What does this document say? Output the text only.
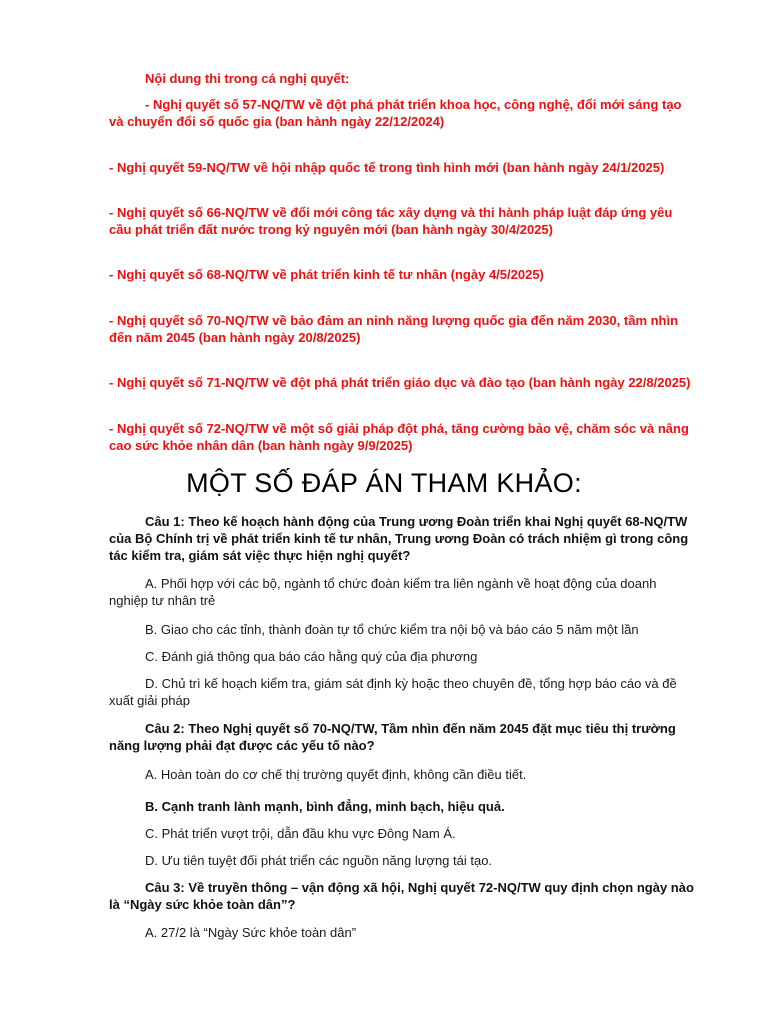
Nội dung thi trong cá nghị quyết:

- Nghị quyết số 57-NQ/TW về đột phá phát triển khoa học, công nghệ, đổi mới sáng tạo và chuyển đổi số quốc gia (ban hành ngày 22/12/2024)

- Nghị quyết 59-NQ/TW về hội nhập quốc tế trong tình hình mới (ban hành ngày 24/1/2025)

- Nghị quyết số 66-NQ/TW về đổi mới công tác xây dựng và thi hành pháp luật đáp ứng yêu cầu phát triển đất nước trong kỷ nguyên mới (ban hành ngày 30/4/2025)

- Nghị quyết số 68-NQ/TW về phát triển kinh tế tư nhân (ngày 4/5/2025)

- Nghị quyết số 70-NQ/TW về bảo đảm an ninh năng lượng quốc gia đến năm 2030, tầm nhìn đến năm 2045 (ban hành ngày 20/8/2025)

- Nghị quyết số 71-NQ/TW về đột phá phát triển giáo dục và đào tạo (ban hành ngày 22/8/2025)

- Nghị quyết số 72-NQ/TW về một số giải pháp đột phá, tăng cường bảo vệ, chăm sóc và nâng cao sức khỏe nhân dân (ban hành ngày 9/9/2025)

MỘT SỐ ĐÁP ÁN THAM KHẢO:

Câu 1: Theo kế hoạch hành động của Trung ương Đoàn triển khai Nghị quyết 68-NQ/TW của Bộ Chính trị về phát triển kinh tế tư nhân, Trung ương Đoàn có trách nhiệm gì trong công tác kiểm tra, giám sát việc thực hiện nghị quyết?

A. Phối hợp với các bộ, ngành tổ chức đoàn kiểm tra liên ngành về hoạt động của doanh nghiệp tư nhân trẻ

B. Giao cho các tỉnh, thành đoàn tự tổ chức kiểm tra nội bộ và báo cáo 5 năm một lần

C. Đánh giá thông qua báo cáo hằng quý của địa phương

D. Chủ trì kế hoạch kiểm tra, giám sát định kỳ hoặc theo chuyên đề, tổng hợp báo cáo và đề xuất giải pháp

Câu 2: Theo Nghị quyết số 70-NQ/TW, Tầm nhìn đến năm 2045 đặt mục tiêu thị trường năng lượng phải đạt được các yếu tố nào?

A. Hoàn toàn do cơ chế thị trường quyết định, không cần điều tiết.

B. Cạnh tranh lành mạnh, bình đẳng, minh bạch, hiệu quả.

C. Phát triển vượt trội, dẫn đầu khu vực Đông Nam Á.

D. Ưu tiên tuyệt đối phát triển các nguồn năng lượng tái tạo.

Câu 3: Về truyền thông – vận động xã hội, Nghị quyết 72-NQ/TW quy định chọn ngày nào là “Ngày sức khỏe toàn dân”?

A. 27/2 là “Ngày Sức khỏe toàn dân”
